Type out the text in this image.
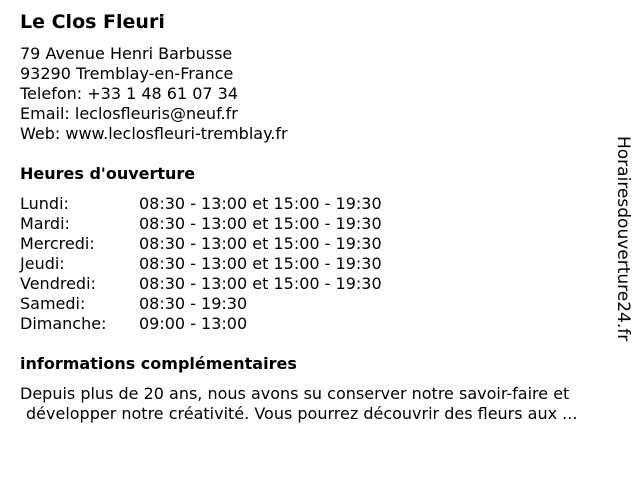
Le Clos Fleuri
79 Avenue Henri Barbusse
93290 Tremblay-en-France
Telefon: +33 1 48 61 07 34
Email: leclosfleuris@neuf.fr
Web: www.leclosfleuri-tremblay.fr
Heures d'ouverture
Lundi:	08:30 - 13:00 et 15:00 - 19:30
Mardi:	08:30 - 13:00 et 15:00 - 19:30
Mercredi:	08:30 - 13:00 et 15:00 - 19:30
Jeudi:	08:30 - 13:00 et 15:00 - 19:30
Vendredi:	08:30 - 13:00 et 15:00 - 19:30
Samedi:	08:30 - 19:30
Dimanche: 09:00 - 13:00
informations complémentaires
Depuis plus de 20 ans, nous avons su conserver notre savoir-faire et
développer notre créativité. Vous pourrez découvrir des fleurs aux ...
Horairesdouverture24.fr
